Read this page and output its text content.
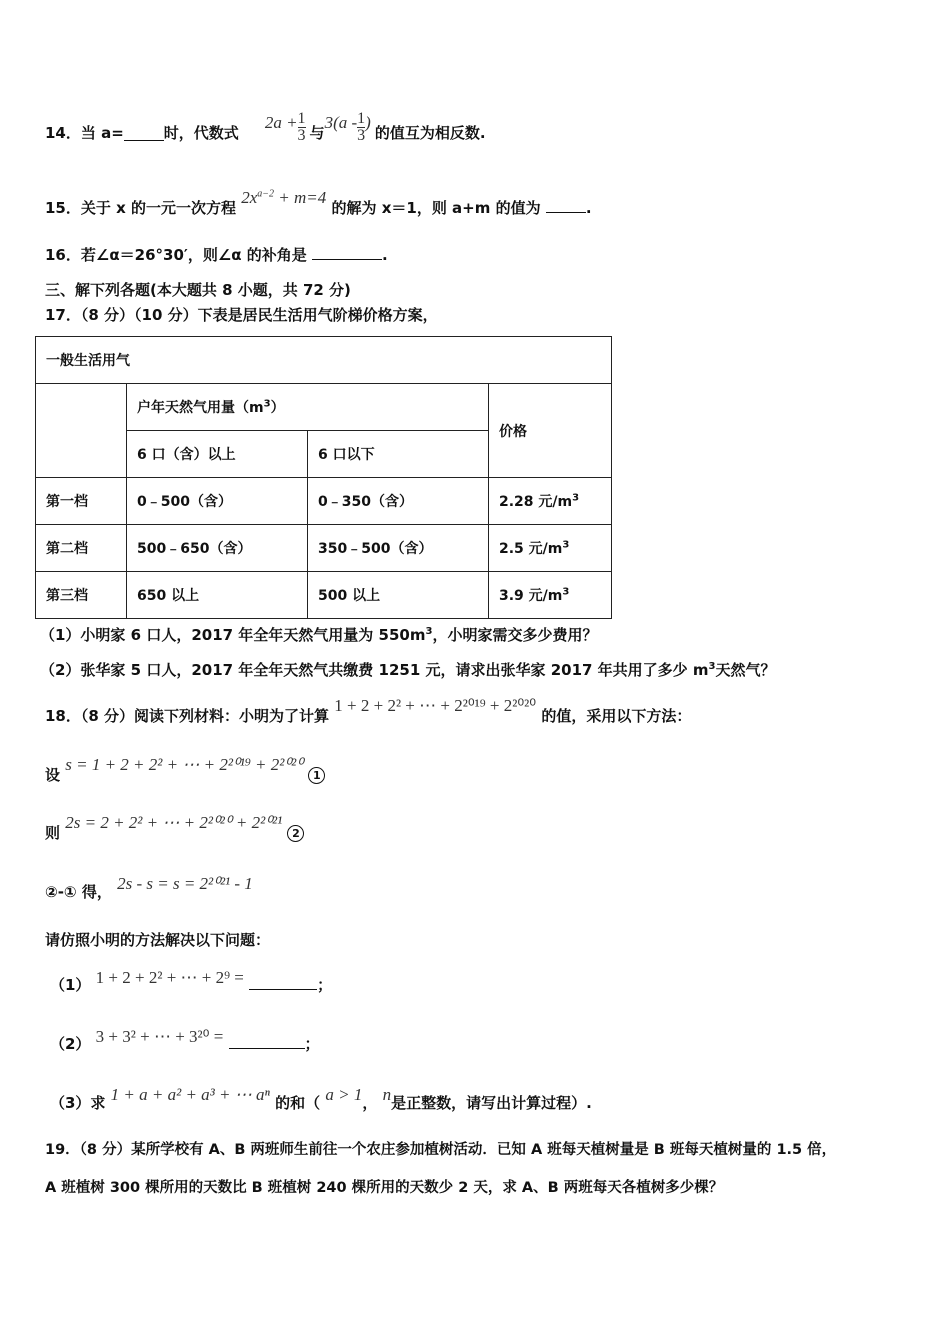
14．当 a=	时，代数式
$2a + \frac{1}{3}$ 与
$3(a - \frac{1}{3}$ )
的值互为相反数.
15．关于 x 的一元一次方程 $2x^{a-2} + m=4$ 的解为 x＝1，则 a+m 的值为	.
16．若∠α＝26°30′，则∠α 的补角是	.
三、解下列各题(本大题共 8 小题，共 72 分)
17．（8 分）（10 分）下表是居民生活用气阶梯价格方案，
一般生活用气			
	户年天然气用量$(m^3)$		价格
	6 口（含）以上	6 口以下	
第一档	0﹣500（含）	0﹣350（含）	2.28 元$/m^3$
第二档	500﹣650（含）	350﹣500（含）	2.5 元$/m^3$
第三档	650 以上	500 以上	3.9 元$/m^3$
（1）小明家 6 口人，2017 年全年天然气用量为 $550m^3$，小明家需交多少费用？
（2）张华家 5 口人，2017 年全年天然气共缴费 1251 元，请求出张华家 2017 年共用了多少 $m^3$天然气？
18．（8 分）阅读下列材料：小明为了计算 1 + 2 + 2² + ⋯ + 2²⁰¹⁹ + 2²⁰²⁰ 的值，采用以下方法：
设 s = 1 + 2 + 2² + ⋯ + 2²⁰¹⁹ + 2²⁰²⁰ 1
则 2s = 2 + 2² + ⋯ + 2²⁰²⁰ + 2²⁰²¹ 2
②-① 得， 2s - s = s = 2²⁰²¹ - 1
请仿照小明的方法解决以下问题：
（1） 1 + 2 + 2² + ⋯ + 2⁹ =	；
（2） 3 + 3² + ⋯ + 3²⁰ =	；
（3）求 1 + a + a² + a³ + ⋯ aⁿ 的和（ a > 1， n是正整数，请写出计算过程）.
19．（8 分）某所学校有 A、B 两班师生前往一个农庄参加植树活动．已知 A 班每天植树量是 B 班每天植树量的 1.5 倍，
A 班植树 300 棵所用的天数比 B 班植树 240 棵所用的天数少 2 天，求 A、B 两班每天各植树多少棵？
